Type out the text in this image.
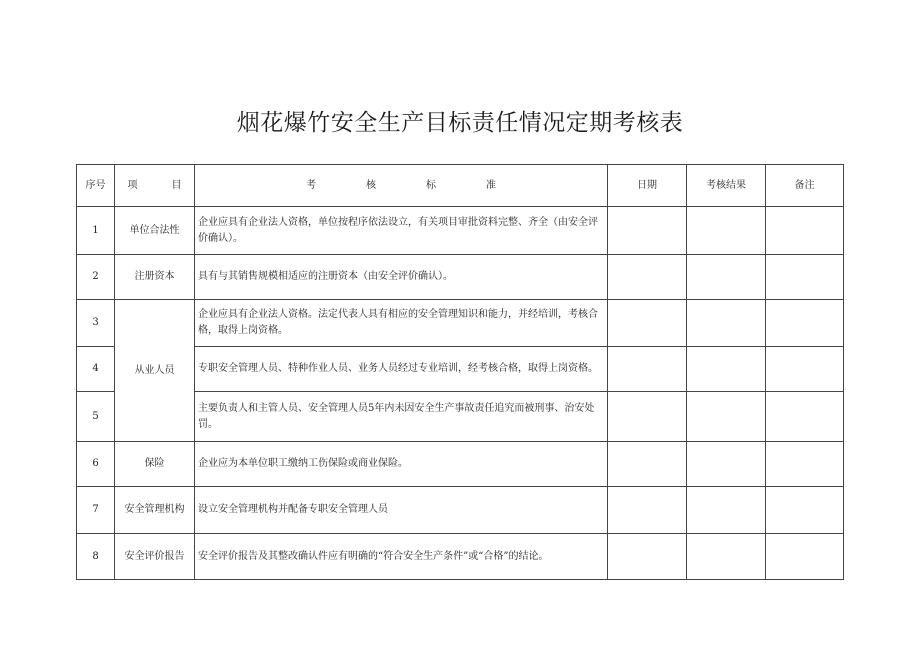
烟花爆竹安全生产目标责任情况定期考核表
序号	项 目	考 核 标 准	日期	考核结果	备注
1	单位合法性	企业应具有企业法人资格，单位按程序依法设立，有关项目审批资料完整、齐全（由安全评价确认）。			
2	注册资本	具有与其销售规模相适应的注册资本（由安全评价确认）。			
3	从业人员	企业应具有企业法人资格。法定代表人具有相应的安全管理知识和能力，并经培训，考核合格，取得上岗资格。			
4		专职安全管理人员、特种作业人员、业务人员经过专业培训，经考核合格，取得上岗资格。			
5		主要负责人和主管人员、安全管理人员5年内未因安全生产事故责任追究而被刑事、治安处罚。			
6	保险	企业应为本单位职工缴纳工伤保险或商业保险。			
7	安全管理机构	设立安全管理机构并配备专职安全管理人员			
8	安全评价报告	安全评价报告及其整改确认件应有明确的“符合安全生产条件”或“合格”的结论。			
